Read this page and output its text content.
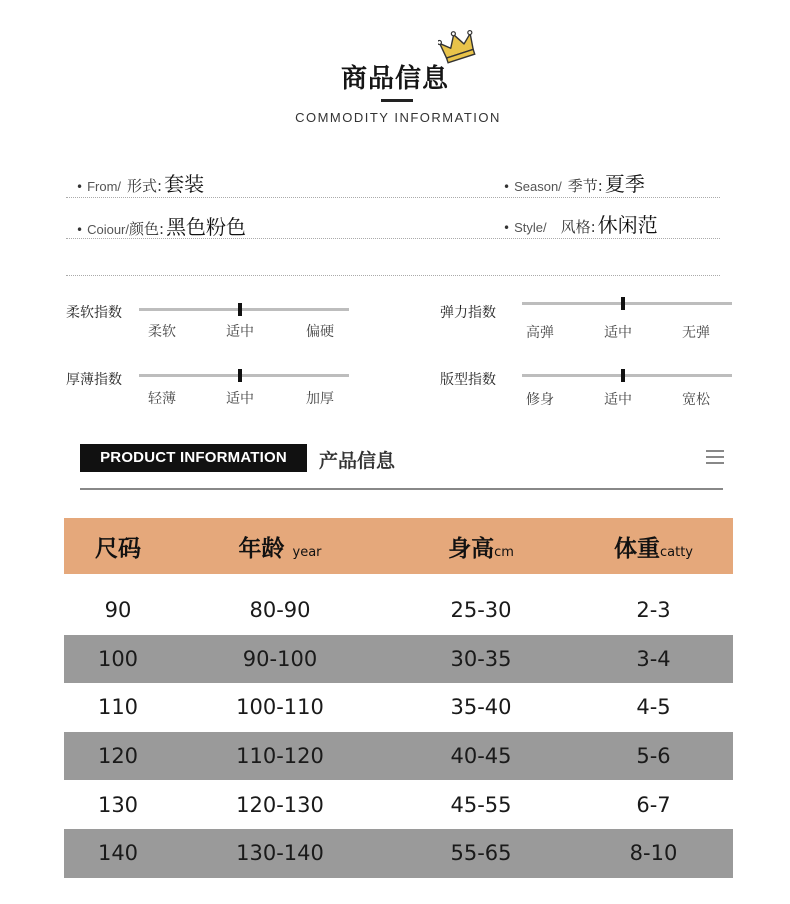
商品信息
COMMODITY INFORMATION
• From/ 形式: 套装	• Season/ 季节: 夏季
• Coiour/ 颜色: 黑色粉色	• Style/ 风格: 休闲范
柔软指数
柔软	适中	偏硬
弹力指数
高弹	适中	无弹
厚薄指数
轻薄	适中	加厚
版型指数
修身	适中	宽松
PRODUCT INFORMATION	产品信息
尺码	年龄 year	身高cm	体重catty
90	80-90	25-30	2-3
100	90-100	30-35	3-4
110	100-110	35-40	4-5
120	110-120	40-45	5-6
130	120-130	45-55	6-7
140	130-140	55-65	8-10
